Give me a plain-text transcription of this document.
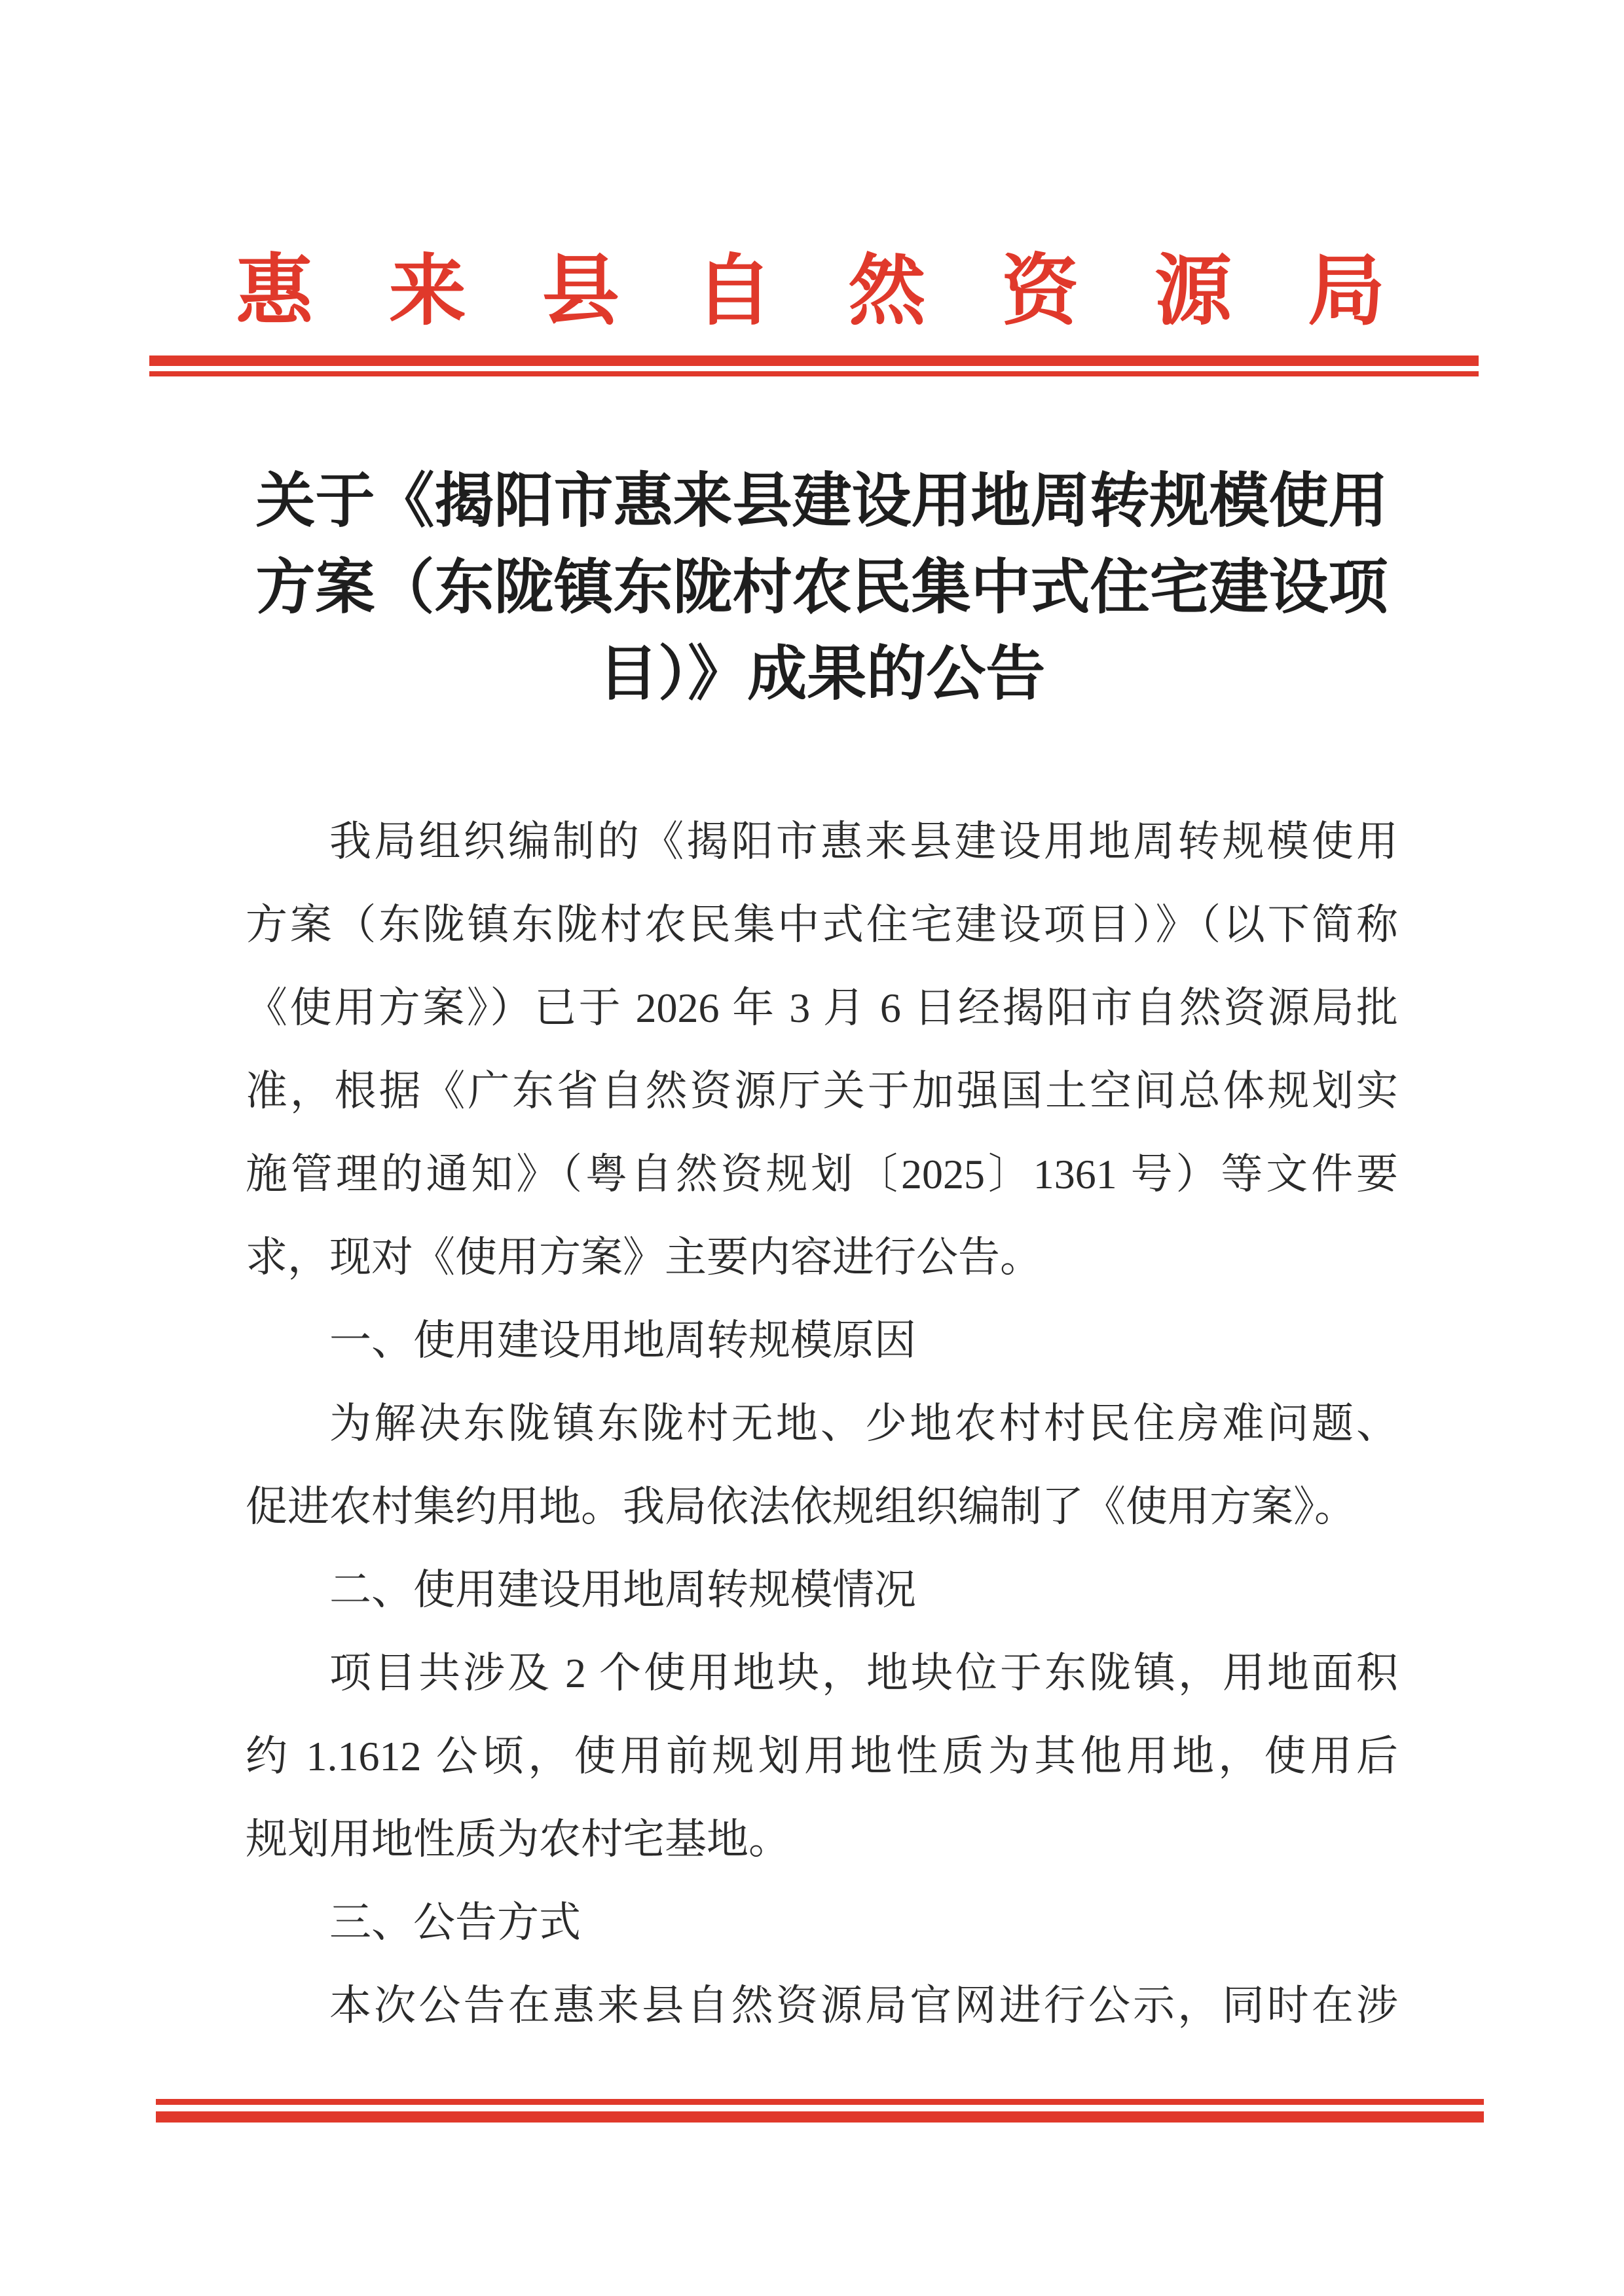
惠来县自然资源局
关于《揭阳市惠来县建设用地周转规模使用
方案（东陇镇东陇村农民集中式住宅建设项
目）》成果的公告
我局组织编制的《揭阳市惠来县建设用地周转规模使用
方案（东陇镇东陇村农民集中式住宅建设项目）》（以下简称
《使用方案》）已于 2026 年 3 月 6 日经揭阳市自然资源局批
准，根据《广东省自然资源厅关于加强国土空间总体规划实
施管理的通知》（粤自然资规划〔2025〕1361 号）等文件要
求，现对《使用方案》主要内容进行公告。
一、使用建设用地周转规模原因
为解决东陇镇东陇村无地、少地农村村民住房难问题、
促进农村集约用地。我局依法依规组织编制了《使用方案》。
二、使用建设用地周转规模情况
项目共涉及 2 个使用地块，地块位于东陇镇，用地面积
约 1.1612 公顷，使用前规划用地性质为其他用地，使用后
规划用地性质为农村宅基地。
三、公告方式
本次公告在惠来县自然资源局官网进行公示，同时在涉
